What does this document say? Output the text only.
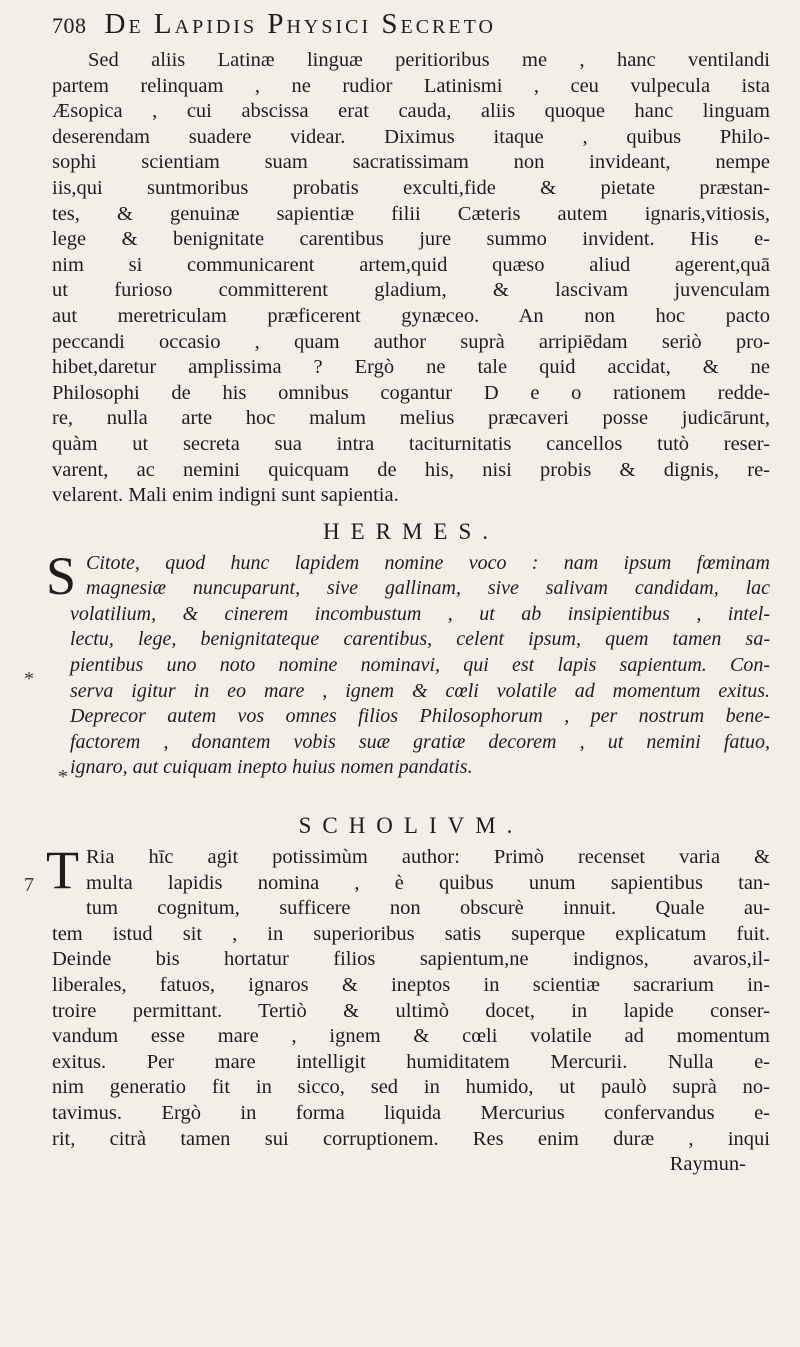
708 De Lapidis Physici Secreto
Sed aliis Latinæ linguæ peritioribus me , hanc ventilandi
partem relinquam , ne rudior Latinismi , ceu vulpecula ista
Æsopica , cui abscissa erat cauda, aliis quoque hanc linguam
deserendam suadere videar. Diximus itaque , quibus Philo-
sophi scientiam suam sacratissimam non invideant, nempe
iis,qui suntmoribus probatis exculti,fide & pietate præstan-
tes, & genuinæ sapientiæ filii Cæteris autem ignaris,vitiosis,
lege & benignitate carentibus jure summo invident. His e-
nim si communicarent artem,quid quæso aliud agerent,quā
ut furioso committerent gladium, & lascivam juvenculam
aut meretriculam præficerent gynæceo. An non hoc pacto
peccandi occasio , quam author suprà arripiēdam seriò pro-
hibet,daretur amplissima ? Ergò ne tale quid accidat, & ne
Philosophi de his omnibus cogantur D e o rationem redde-
re, nulla arte hoc malum melius præcaveri posse judicārunt,
quàm ut secreta sua intra taciturnitatis cancellos tutò reser-
varent, ac nemini quicquam de his, nisi probis & dignis, re-
velarent. Mali enim indigni sunt sapientia.
HERMES.
S Citote, quod hunc lapidem nomine voco : nam ipsum fœminam
magnesiæ nuncuparunt, sive gallinam, sive salivam candidam, lac
volatilium, & cinerem incombustum , ut ab insipientibus , intel-
lectu, lege, benignitateque carentibus, celent ipsum, quem tamen sa-
pientibus uno noto nomine nominavi, qui est lapis sapientum. Con-
serva igitur in eo mare , ignem & cœli volatile ad momentum exitus.
Deprecor autem vos omnes filios Philosophorum , per nostrum bene-
factorem , donantem vobis suæ gratiæ decorem , ut nemini fatuo,
ignaro, aut cuiquam inepto huius nomen pandatis.
SCHOLIVM.
T Ria hīc agit potissimùm author: Primò recenset varia &
multa lapidis nomina , è quibus unum sapientibus tan-
tum cognitum, sufficere non obscurè innuit. Quale au-
tem istud sit , in superioribus satis superque explicatum fuit.
Deinde bis hortatur filios sapientum,ne indignos, avaros,il-
liberales, fatuos, ignaros & ineptos in scientiæ sacrarium in-
troire permittant. Tertiò & ultimò docet, in lapide conser-
vandum esse mare , ignem & cœli volatile ad momentum
exitus. Per mare intelligit humiditatem Mercurii. Nulla e-
nim generatio fit in sicco, sed in humido, ut paulò suprà no-
tavimus. Ergò in forma liquida Mercurius confervandus e-
rit, citrà tamen sui corruptionem. Res enim duræ , inqui
Raymun-
*
*
7
